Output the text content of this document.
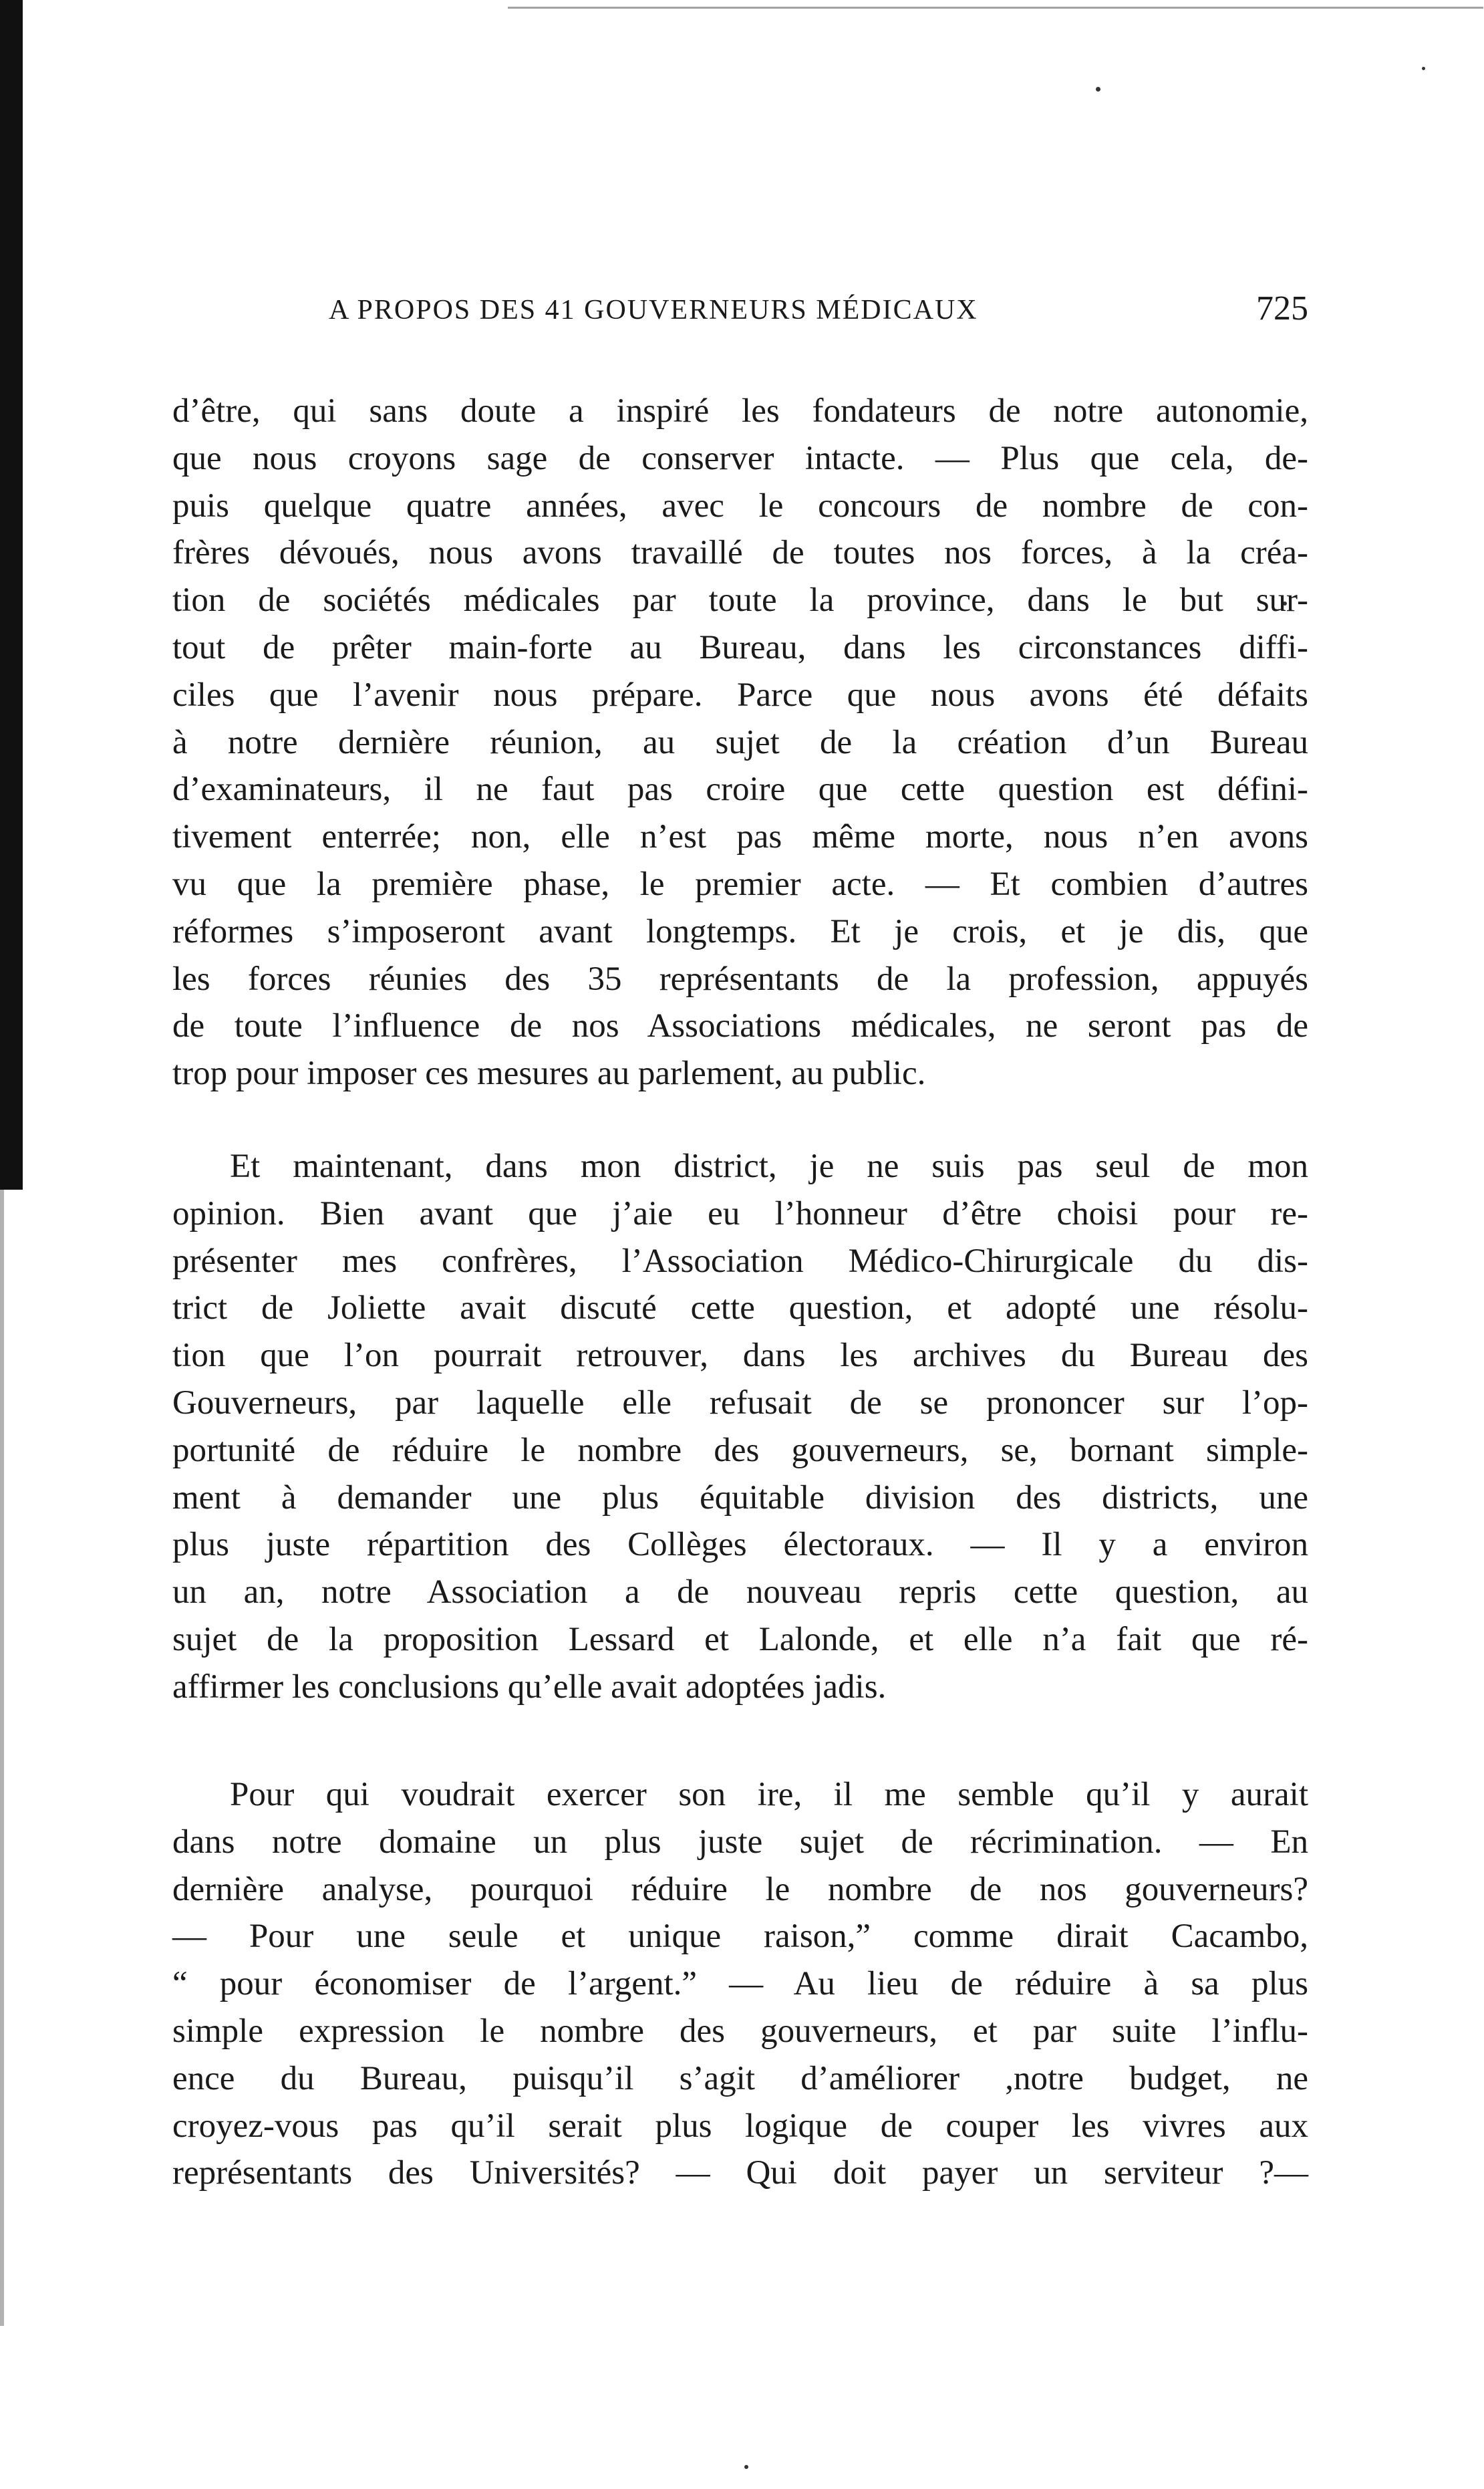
A PROPOS DES 41 GOUVERNEURS MÉDICAUX	725
d’être, qui sans doute a inspiré les fondateurs de notre autonomie,
que nous croyons sage de conserver intacte. — Plus que cela, de-
puis quelque quatre années, avec le concours de nombre de con-
frères dévoués, nous avons travaillé de toutes nos forces, à la créa-
tion de sociétés médicales par toute la province, dans le but sur-
tout de prêter main-forte au Bureau, dans les circonstances diffi-
ciles que l’avenir nous prépare. Parce que nous avons été défaits
à notre dernière réunion, au sujet de la création d’un Bureau
d’examinateurs, il ne faut pas croire que cette question est défini-
tivement enterrée; non, elle n’est pas même morte, nous n’en avons
vu que la première phase, le premier acte. — Et combien d’autres
réformes s’imposeront avant longtemps. Et je crois, et je dis, que
les forces réunies des 35 représentants de la profession, appuyés
de toute l’influence de nos Associations médicales, ne seront pas de
trop pour imposer ces mesures au parlement, au public.
Et maintenant, dans mon district, je ne suis pas seul de mon
opinion. Bien avant que j’aie eu l’honneur d’être choisi pour re-
présenter mes confrères, l’Association Médico-Chirurgicale du dis-
trict de Joliette avait discuté cette question, et adopté une résolu-
tion que l’on pourrait retrouver, dans les archives du Bureau des
Gouverneurs, par laquelle elle refusait de se prononcer sur l’op-
portunité de réduire le nombre des gouverneurs, se, bornant simple-
ment à demander une plus équitable division des districts, une
plus juste répartition des Collèges électoraux. — Il y a environ
un an, notre Association a de nouveau repris cette question, au
sujet de la proposition Lessard et Lalonde, et elle n’a fait que ré-
affirmer les conclusions qu’elle avait adoptées jadis.
Pour qui voudrait exercer son ire, il me semble qu’il y aurait
dans notre domaine un plus juste sujet de récrimination. — En
dernière analyse, pourquoi réduire le nombre de nos gouverneurs?
— Pour une seule et unique raison,” comme dirait Cacambo,
“ pour économiser de l’argent.” — Au lieu de réduire à sa plus
simple expression le nombre des gouverneurs, et par suite l’influ-
ence du Bureau, puisqu’il s’agit d’améliorer ,notre budget, ne
croyez-vous pas qu’il serait plus logique de couper les vivres aux
représentants des Universités? — Qui doit payer un serviteur ?—
